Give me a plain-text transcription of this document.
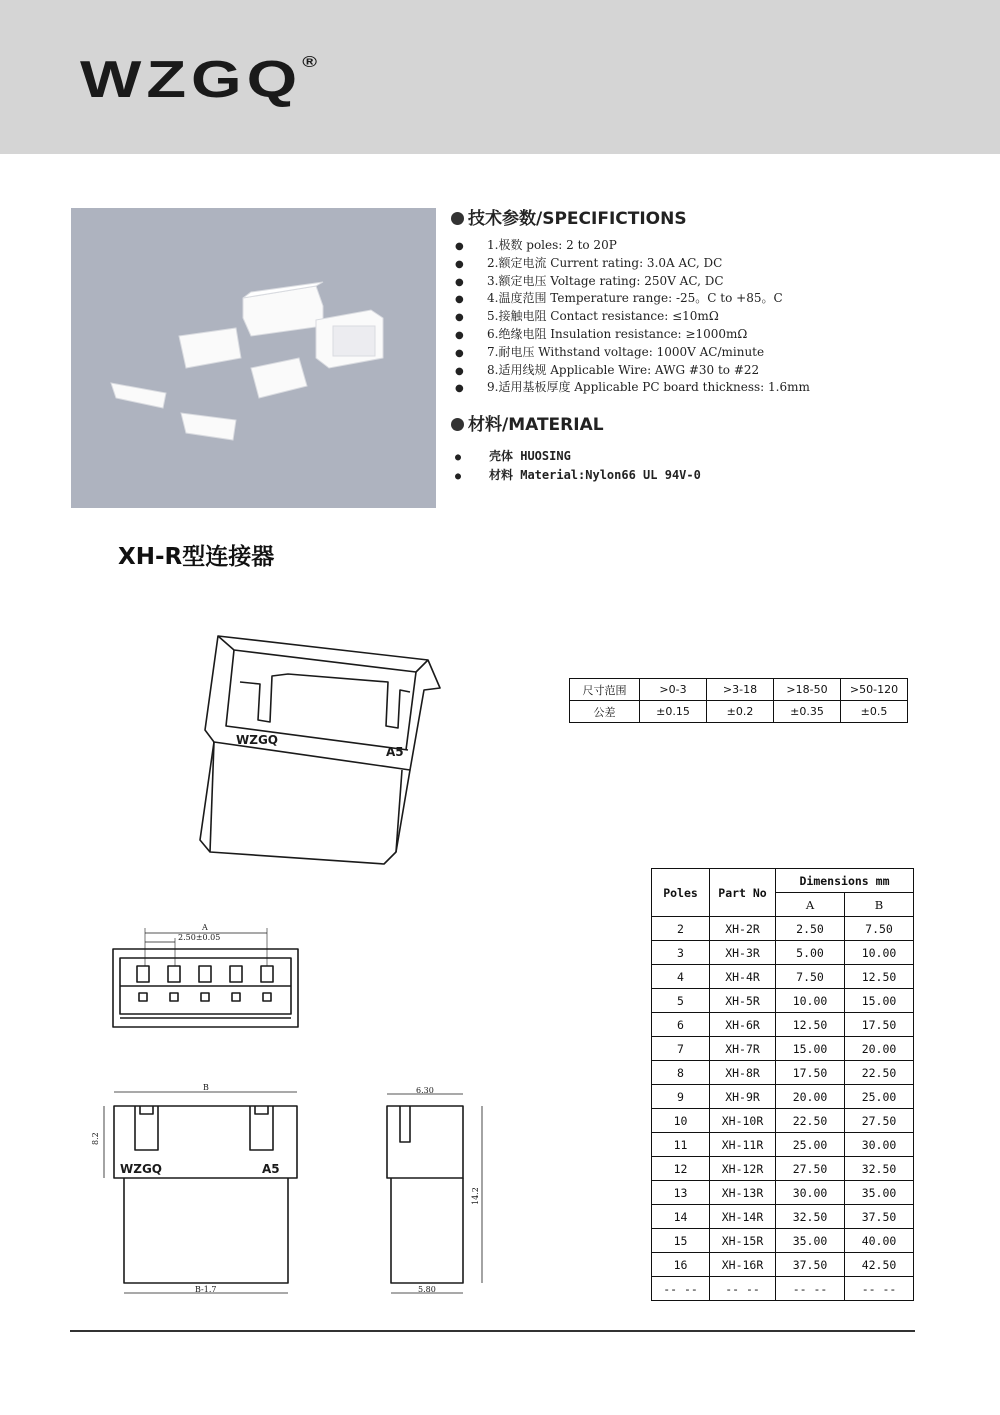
WZGQ®
技术参数/SPECIFICTIONS
● 1.极数 poles: 2 to 20P
● 2.额定电流 Current rating: 3.0A AC, DC
● 3.额定电压 Voltage rating: 250V AC, DC
● 4.温度范围 Temperature range: -25。C to +85。C
● 5.接触电阻 Contact resistance: ≤10mΩ
● 6.绝缘电阻 Insulation resistance: ≥1000mΩ
● 7.耐电压 Withstand voltage: 1000V AC/minute
● 8.适用线规 Applicable Wire: AWG #30 to #22
● 9.适用基板厚度 Applicable PC board thickness: 1.6mm
材料/MATERIAL
● 壳体 HUOSING
● 材料 Material:Nylon66 UL 94V-0
XH-R型连接器
WZGQ
A5
A
2.50±0.05
B
B-1.7
8.2
WZGQ	A5
6.30
5.80
14.2
尺寸范围	>0-3	>3-18	>18-50	>50-120
公差	±0.15	±0.2	±0.35	±0.5
Poles	Part No	Dimensions mm	
		A	B
2	XH-2R	2.50	7.50
3	XH-3R	5.00	10.00
4	XH-4R	7.50	12.50
5	XH-5R	10.00	15.00
6	XH-6R	12.50	17.50
7	XH-7R	15.00	20.00
8	XH-8R	17.50	22.50
9	XH-9R	20.00	25.00
10	XH-10R	22.50	27.50
11	XH-11R	25.00	30.00
12	XH-12R	27.50	32.50
13	XH-13R	30.00	35.00
14	XH-14R	32.50	37.50
15	XH-15R	35.00	40.00
16	XH-16R	37.50	42.50
-- --	-- --	-- --	-- --
